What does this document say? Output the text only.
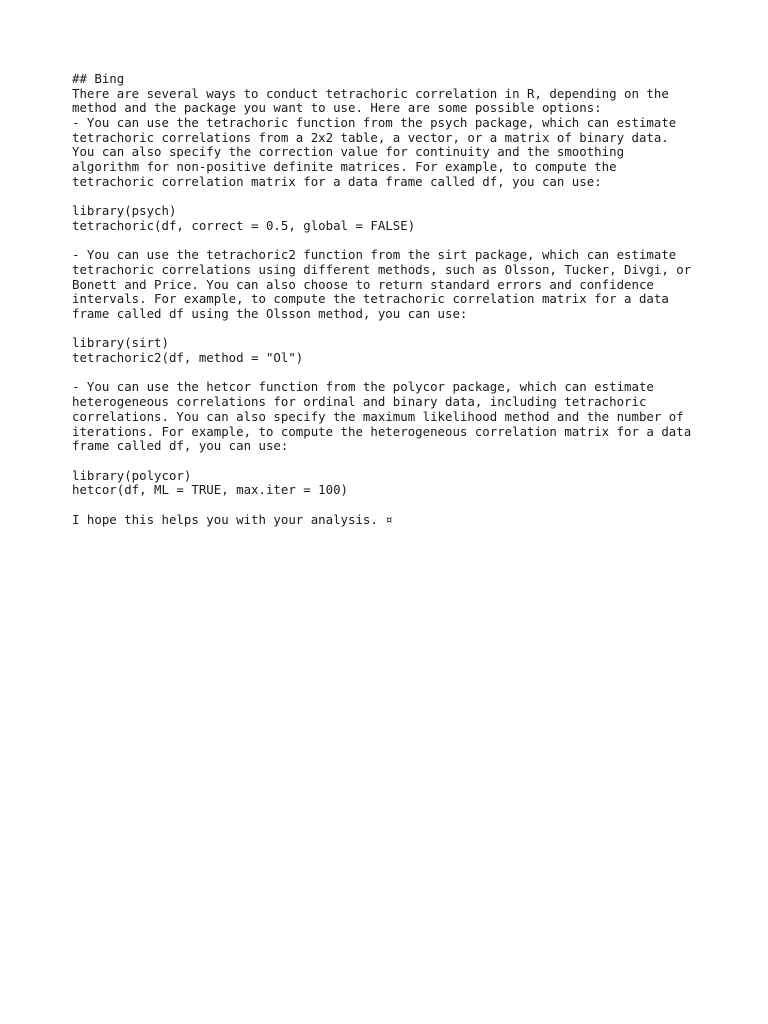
## Bing
There are several ways to conduct tetrachoric correlation in R, depending on the
method and the package you want to use. Here are some possible options:
- You can use the tetrachoric function from the psych package, which can estimate
tetrachoric correlations from a 2x2 table, a vector, or a matrix of binary data.
You can also specify the correction value for continuity and the smoothing
algorithm for non-positive definite matrices. For example, to compute the
tetrachoric correlation matrix for a data frame called df, you can use:
library(psych)
tetrachoric(df, correct = 0.5, global = FALSE)
- You can use the tetrachoric2 function from the sirt package, which can estimate
tetrachoric correlations using different methods, such as Olsson, Tucker, Divgi, or
Bonett and Price. You can also choose to return standard errors and confidence
intervals. For example, to compute the tetrachoric correlation matrix for a data
frame called df using the Olsson method, you can use:
library(sirt)
tetrachoric2(df, method = "Ol")
- You can use the hetcor function from the polycor package, which can estimate
heterogeneous correlations for ordinal and binary data, including tetrachoric
correlations. You can also specify the maximum likelihood method and the number of
iterations. For example, to compute the heterogeneous correlation matrix for a data
frame called df, you can use:
library(polycor)
hetcor(df, ML = TRUE, max.iter = 100)
I hope this helps you with your analysis. ¤
